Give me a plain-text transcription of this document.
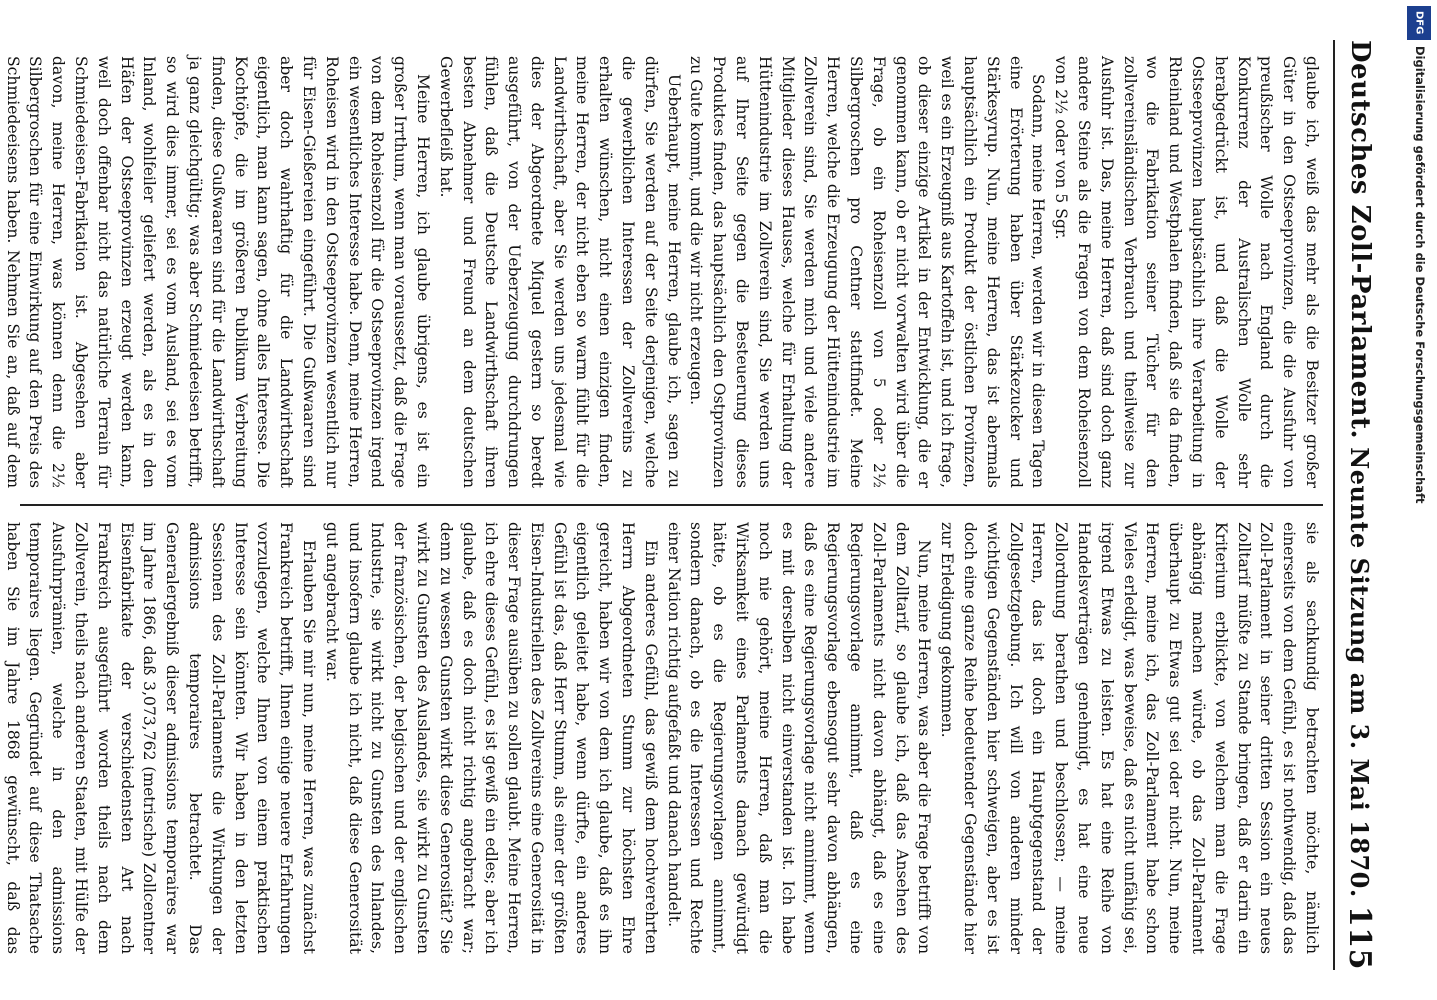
Deutsches Zoll-Parlament.
Neunte Sitzung am 3. Mai 1870.
115

glaube ich, weiß das mehr als die Besitzer großer Güter in den Ostseeprovinzen, die die Ausfuhr von preußischer Wolle nach England durch die Konkurrenz der Australischen Wolle sehr herabgedrückt ist, und daß die Wolle der Ostseeprovinzen hauptsächlich ihre Verarbeitung in Rheinland und Westphalen finden, daß sie da finden, wo die Fabrikation seiner Tücher für den zollvereinsländischen Verbrauch und theilweise zur Ausfuhr ist. Das, meine Herren, daß sind doch ganz andere Steine als die Fragen von dem Roheisenzoll von 2½ oder von 5 Sgr.

Sodann, meine Herren, werden wir in diesen Tagen eine Erörterung haben über Stärkezucker und Stärkesyrup. Nun, meine Herren, das ist abermals hauptsächlich ein Produkt der östlichen Provinzen, weil es ein Erzeugniß aus Kartoffeln ist, und ich frage, ob dieser einzige Artikel in der Entwicklung, die er genommen kann, ob er nicht vorwalten wird über die Frage, ob ein Roheisenzoll von 5 oder 2½ Silbergroschen pro Centner stattfindet. Meine Herren, welche die Erzeugung der Hüttenindustrie im Zollverein sind, Sie werden mich und viele andere Mitglieder dieses Hauses, welche für Erhaltung der Hüttenindustrie im Zollverein sind, Sie werden uns auf Ihrer Seite gegen die Besteuerung dieses Produktes finden, das hauptsächlich den Ostprovinzen zu Gute kommt, und die wir nicht erzeugen.

Ueberhaupt, meine Herren, glaube ich, sagen zu dürfen, Sie werden auf der Seite derjenigen, welche die gewerblichen Interessen der Zollvereins zu erhalten wünschen, nicht einen einzigen finden, meine Herren, der nicht eben so warm fühlt für die Landwirthschaft, aber Sie werden uns jedesmal wie dies der Abgeordnete Miquel gestern so beredt ausgeführt, von der Ueberzeugung durchdrungen fühlen, daß die Deutsche Landwirthschaft ihren besten Abnehmer und Freund an dem deutschen Gewerbefleiß hat.

Meine Herren, ich glaube übrigens, es ist ein großer Irrthum, wenn man voraussetzt, daß die Frage von dem Roheisenzoll für die Ostseeprovinzen irgend ein wesentliches Interesse habe. Denn, meine Herren, Roheisen wird in den Ostseeprovinzen wesentlich nur für Eisen-Gießereien eingeführt. Die Gußwaaren sind aber doch wahrhaftig für die Landwirthschaft eigentlich, man kann sagen, ohne alles Interesse. Die Kochtöpfe, die im größeren Publikum Verbreitung finden, diese Gußwaaren sind für die Landwirthschaft ja ganz gleichgültig; was aber Schmiedeeisen betrifft, so wird dies immer, sei es vom Ausland, sei es vom Inland, wohlfeiler geliefert werden, als es in den Häfen der Ostseeprovinzen erzeugt werden kann, weil doch offenbar nicht das natürliche Terrain für Schmiedeeisen-Fabrikation ist. Abgesehen aber davon, meine Herren, was können denn die 2½ Silbergroschen für eine Einwirkung auf den Preis des Schmiedeeisens haben. Nehmen Sie an, daß auf dem

sie als sachkundig betrachten möchte, nämlich einerseits von dem Gefühl, es ist nothwendig, daß das Zoll-Parlament in seiner dritten Session ein neues Zolltarif müßte zu Stande bringen, daß er darin ein Kriterium erblickte, von welchem man die Frage abhängig machen würde, ob das Zoll-Parlament überhaupt zu Etwas gut sei oder nicht. Nun, meine Herren, meine ich, das Zoll-Parlament habe schon Vieles erledigt, was beweise, daß es nicht unfähig sei, irgend Etwas zu leisten. Es hat eine Reihe von Handelsverträgen genehmigt, es hat eine neue Zollordnung berathen und beschlossen; — meine Herren, das ist doch ein Hauptgegenstand der Zollgesetzgebung. Ich will von anderen minder wichtigen Gegenständen hier schweigen, aber es ist doch eine ganze Reihe bedeutender Gegenstände hier zur Erledigung gekommen.

Nun, meine Herren, was aber die Frage betrifft von dem Zolltarif, so glaube ich, daß das Ansehen des Zoll-Parlaments nicht davon abhängt, daß es eine Regierungsvorlage annimmt, daß es eine Regierungsvorlage ebensogut sehr davon abhängen, daß es eine Regierungsvorlage nicht annimmt, wenn es mit derselben nicht einverstanden ist. Ich habe noch nie gehört, meine Herren, daß man die Wirksamkeit eines Parlaments danach gewürdigt hätte, ob es die Regierungsvorlagen annimmt, sondern danach, ob es die Interessen und Rechte einer Nation richtig aufgefaßt und danach handelt.

Ein anderes Gefühl, das gewiß dem hochverehrten Herrn Abgeordneten Stumm zur höchsten Ehre gereicht, haben wir von dem ich glaube, daß es ihn eigentlich geleitet habe, wenn dürfte, ein anderes Gefühl ist das, daß Herr Stumm, als einer der größten Eisen-Industriellen des Zollvereins eine Generosität in dieser Frage ausüben zu sollen glaubt. Meine Herren, ich ehre dieses Gefühl, es ist gewiß ein edles; aber ich glaube, daß es doch nicht richtig angebracht war; denn zu wessen Gunsten wirkt diese Generosität? Sie wirkt zu Gunsten des Auslandes, sie wirkt zu Gunsten der französischen, der belgischen und der englischen Industrie, sie wirkt nicht zu Gunsten des Inlandes, und insofern glaube ich nicht, daß diese Generosität gut angebracht war.

Erlauben Sie mir nun, meine Herren, was zunächst Frankreich betrifft, Ihnen einige neuere Erfahrungen vorzulegen, welche Ihnen von einem praktischen Interesse sein könnten. Wir haben in den letzten Sessionen des Zoll-Parlaments die Wirkungen der admissions temporaires betrachtet. Das Generalergebniß dieser admissions temporaires war im Jahre 1866, daß 3,073,762 (metrische) Zollcentner Eisenfabrikate der verschiedensten Art nach Frankreich ausgeführt worden theils nach dem Zollverein, theils nach anderen Staaten, mit Hülfe der Ausfuhrprämien, welche in den admissions temporaires liegen. Gegründet auf diese Thatsache haben Sie im Jahre 1868 gewünscht, daß das

DFG
Digitalisierung gefördert durch die Deutsche Forschungsgemeinschaft
